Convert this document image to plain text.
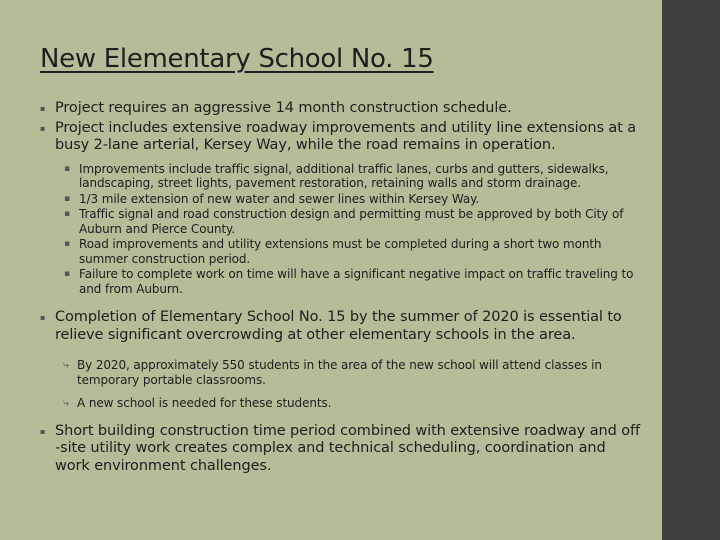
New Elementary School No. 15
▪ Project requires an aggressive 14 month construction schedule.
▪ Project includes extensive roadway improvements and utility line extensions at a busy 2-lane arterial, Kersey Way, while the road remains in operation.
▪ Improvements include traffic signal, additional traffic lanes, curbs and gutters, sidewalks, landscaping, street lights, pavement restoration, retaining walls and storm drainage.
▪ 1/3 mile extension of new water and sewer lines within Kersey Way.
▪ Traffic signal and road construction design and permitting must be approved by both City of Auburn and Pierce County.
▪ Road improvements and utility extensions must be completed during a short two month summer construction period.
▪ Failure to complete work on time will have a significant negative impact on traffic traveling to and from Auburn.
▪ Completion of Elementary School No. 15 by the summer of 2020 is essential to relieve significant overcrowding at other elementary schools in the area.
⤷ By 2020, approximately 550 students in the area of the new school will attend classes in temporary portable classrooms.
⤷ A new school is needed for these students.
▪ Short building construction time period combined with extensive roadway and off -site utility work creates complex and technical scheduling, coordination and work environment challenges.
